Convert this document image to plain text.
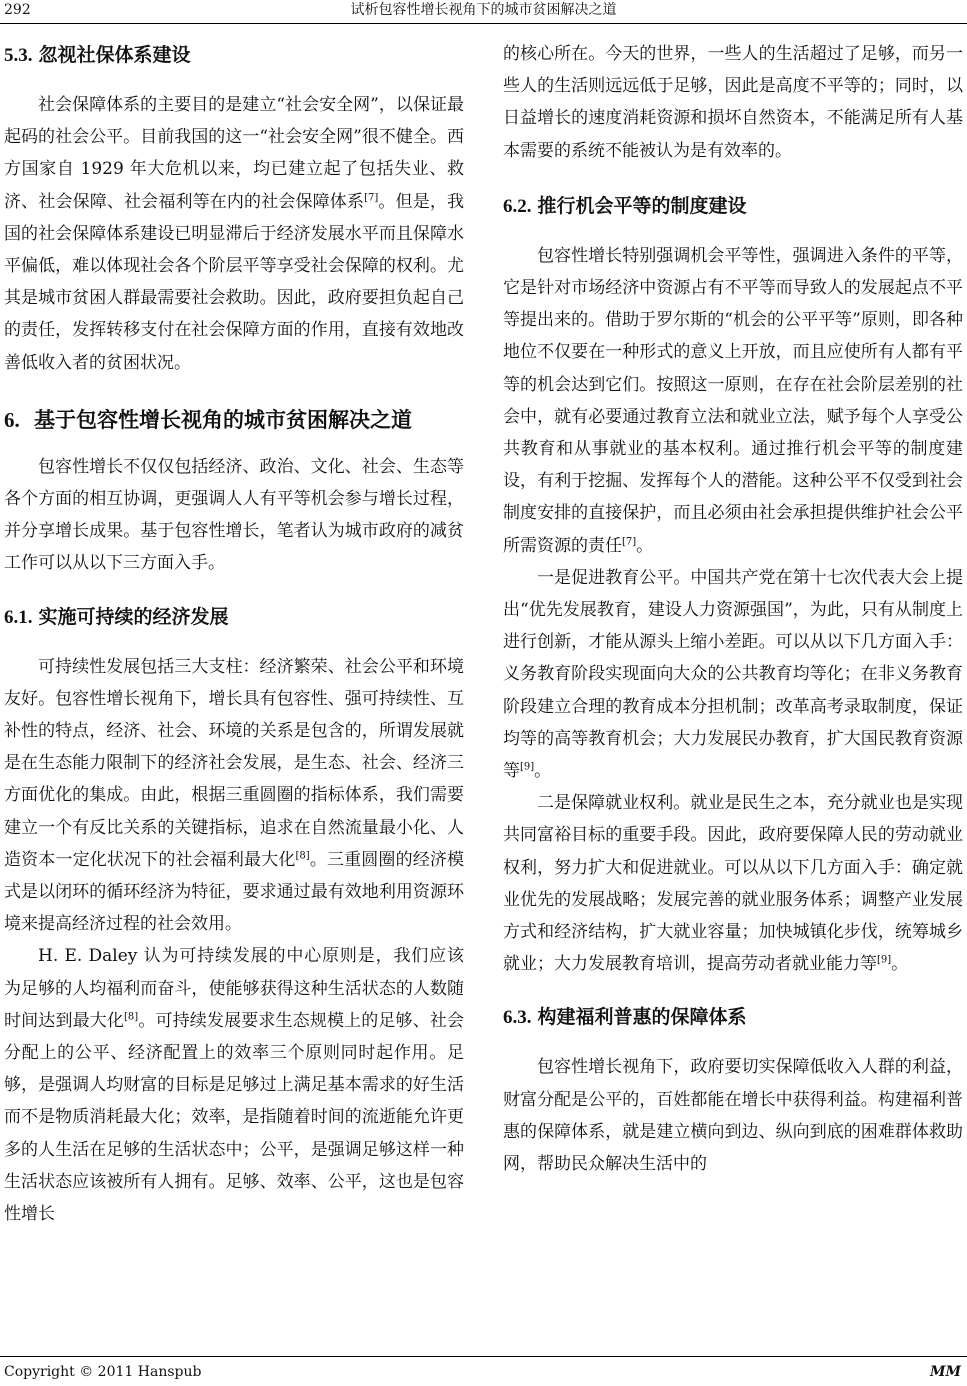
292	试析包容性增长视角下的城市贫困解决之道
5.3. 忽视社保体系建设

社会保障体系的主要目的是建立“社会安全网”，以保证最起码的社会公平。目前我国的这一“社会安全网”很不健全。西方国家自 1929 年大危机以来，均已建立起了包括失业、救济、社会保障、社会福利等在内的社会保障体系[7]。但是，我国的社会保障体系建设已明显滞后于经济发展水平而且保障水平偏低，难以体现社会各个阶层平等享受社会保障的权利。尤其是城市贫困人群最需要社会救助。因此，政府要担负起自己的责任，发挥转移支付在社会保障方面的作用，直接有效地改善低收入者的贫困状况。

6. 基于包容性增长视角的城市贫困解决之道

包容性增长不仅仅包括经济、政治、文化、社会、生态等各个方面的相互协调，更强调人人有平等机会参与增长过程，并分享增长成果。基于包容性增长，笔者认为城市政府的减贫工作可以从以下三方面入手。

6.1. 实施可持续的经济发展

可持续性发展包括三大支柱：经济繁荣、社会公平和环境友好。包容性增长视角下，增长具有包容性、强可持续性、互补性的特点，经济、社会、环境的关系是包含的，所谓发展就是在生态能力限制下的经济社会发展，是生态、社会、经济三方面优化的集成。由此，根据三重圆圈的指标体系，我们需要建立一个有反比关系的关键指标，追求在自然流量最小化、人造资本一定化状况下的社会福利最大化[8]。三重圆圈的经济模式是以闭环的循环经济为特征，要求通过最有效地利用资源环境来提高经济过程的社会效用。

H. E. Daley 认为可持续发展的中心原则是，我们应该为足够的人均福利而奋斗，使能够获得这种生活状态的人数随时间达到最大化[8]。可持续发展要求生态规模上的足够、社会分配上的公平、经济配置上的效率三个原则同时起作用。足够，是强调人均财富的目标是足够过上满足基本需求的好生活而不是物质消耗最大化；效率，是指随着时间的流逝能允许更多的人生活在足够的生活状态中；公平，是强调足够这样一种生活状态应该被所有人拥有。足够、效率、公平，这也是包容性增长

的核心所在。今天的世界，一些人的生活超过了足够，而另一些人的生活则远远低于足够，因此是高度不平等的；同时，以日益增长的速度消耗资源和损坏自然资本，不能满足所有人基本需要的系统不能被认为是有效率的。

6.2. 推行机会平等的制度建设

包容性增长特别强调机会平等性，强调进入条件的平等，它是针对市场经济中资源占有不平等而导致人的发展起点不平等提出来的。借助于罗尔斯的“机会的公平平等”原则，即各种地位不仅要在一种形式的意义上开放，而且应使所有人都有平等的机会达到它们。按照这一原则，在存在社会阶层差别的社会中，就有必要通过教育立法和就业立法，赋予每个人享受公共教育和从事就业的基本权利。通过推行机会平等的制度建设，有利于挖掘、发挥每个人的潜能。这种公平不仅受到社会制度安排的直接保护，而且必须由社会承担提供维护社会公平所需资源的责任[7]。

一是促进教育公平。中国共产党在第十七次代表大会上提出“优先发展教育，建设人力资源强国”，为此，只有从制度上进行创新，才能从源头上缩小差距。可以从以下几方面入手：义务教育阶段实现面向大众的公共教育均等化；在非义务教育阶段建立合理的教育成本分担机制；改革高考录取制度，保证均等的高等教育机会；大力发展民办教育，扩大国民教育资源等[9]。

二是保障就业权利。就业是民生之本，充分就业也是实现共同富裕目标的重要手段。因此，政府要保障人民的劳动就业权利，努力扩大和促进就业。可以从以下几方面入手：确定就业优先的发展战略；发展完善的就业服务体系；调整产业发展方式和经济结构，扩大就业容量；加快城镇化步伐，统筹城乡就业；大力发展教育培训，提高劳动者就业能力等[9]。

6.3. 构建福利普惠的保障体系

包容性增长视角下，政府要切实保障低收入人群的利益，财富分配是公平的，百姓都能在增长中获得利益。构建福利普惠的保障体系，就是建立横向到边、纵向到底的困难群体救助网，帮助民众解决生活中的

Copyright © 2011 Hanspub	MM
